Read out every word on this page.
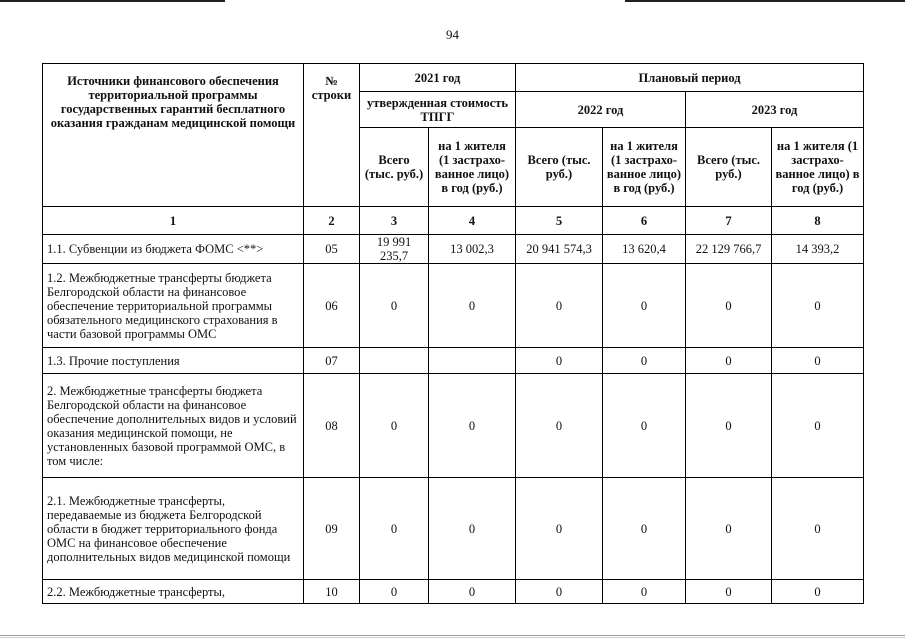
94
Источники финансового обеспечения территориальной программы государственных гарантий бесплатного оказания гражданам медицинской помощи	№ строки	2021 год		Плановый период			
		утвержденная стоимость ТПГГ		2022 год		2023 год	
		Всего (тыс. руб.)	на 1 жителя (1 застрахо-ванное лицо) в год (руб.)	Всего (тыс. руб.)	на 1 жителя (1 застрахо-ванное лицо) в год (руб.)	Всего (тыс. руб.)	на 1 жителя (1 застрахо-ванное лицо) в год (руб.)
1	2	3	4	5	6	7	8
1.1. Субвенции из бюджета ФОМС <**>	05	19 991 235,7	13 002,3	20 941 574,3	13 620,4	22 129 766,7	14 393,2
1.2. Межбюджетные трансферты бюджета Белгородской области на финансовое обеспечение территориальной программы обязательного медицинского страхования в части базовой программы ОМС	06	0	0	0	0	0	0
1.3. Прочие поступления	07			0	0	0	0
2. Межбюджетные трансферты бюджета Белгородской области на финансовое обеспечение дополнительных видов и условий оказания медицинской помощи, не установленных базовой программой ОМС, в том числе:	08	0	0	0	0	0	0
2.1. Межбюджетные трансферты, передаваемые из бюджета Белгородской области в бюджет территориального фонда ОМС на финансовое обеспечение дополнительных видов медицинской помощи	09	0	0	0	0	0	0
2.2. Межбюджетные трансферты,	10	0	0	0	0	0	0
